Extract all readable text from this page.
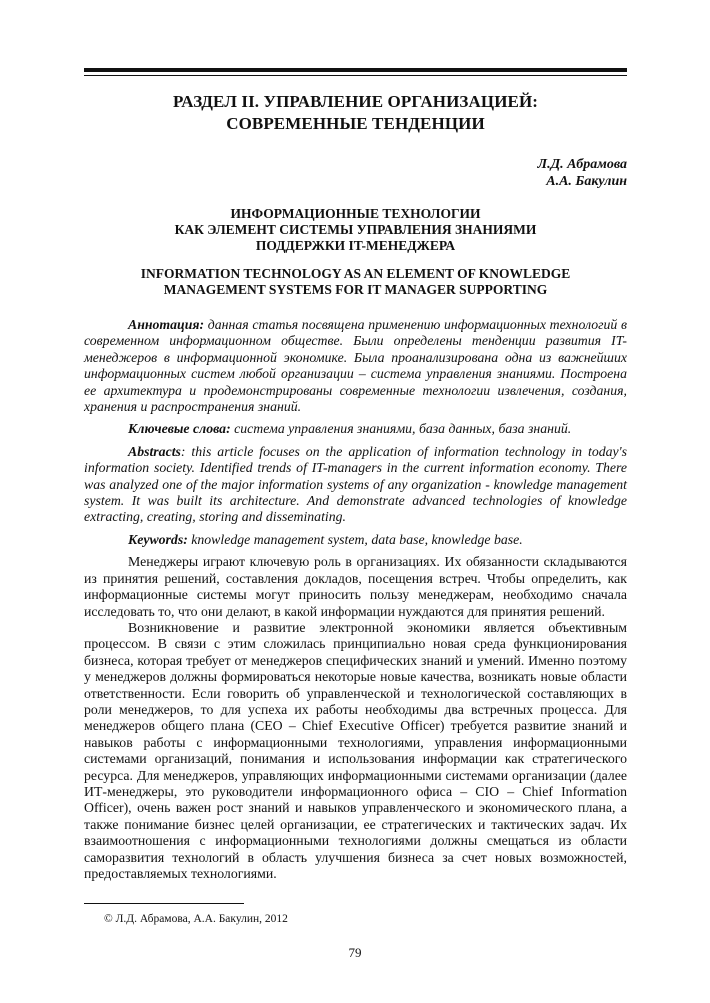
РАЗДЕЛ II. УПРАВЛЕНИЕ ОРГАНИЗАЦИЕЙ:
СОВРЕМЕННЫЕ ТЕНДЕНЦИИ
Л.Д. Абрамова
А.А. Бакулин
ИНФОРМАЦИОННЫЕ ТЕХНОЛОГИИ
КАК ЭЛЕМЕНТ СИСТЕМЫ УПРАВЛЕНИЯ ЗНАНИЯМИ
ПОДДЕРЖКИ IT-МЕНЕДЖЕРА
INFORMATION TECHNOLOGY AS AN ELEMENT OF KNOWLEDGE
MANAGEMENT SYSTEMS FOR IT MANAGER SUPPORTING

Аннотация: данная статья посвящена применению информационных технологий в современном информационном обществе. Были определены тенденции развития IT-менеджеров в информационной экономике. Была проанализирована одна из важнейших информационных систем любой организации – система управления знаниями. Построена ее архитектура и продемонстрированы современные технологии извлечения, создания, хранения и распространения знаний.

Ключевые слова: система управления знаниями, база данных, база знаний.

Abstracts: this article focuses on the application of information technology in today's information society. Identified trends of IT-managers in the current information economy. There was analyzed one of the major information systems of any organization - knowledge management system. It was built its architecture. And demonstrate advanced technologies of knowledge extracting, creating, storing and disseminating.

Keywords: knowledge management system, data base, knowledge base.

Менеджеры играют ключевую роль в организациях. Их обязанности складываются из принятия решений, составления докладов, посещения встреч. Чтобы определить, как информационные системы могут приносить пользу менеджерам, необходимо сначала исследовать то, что они делают, в какой информации нуждаются для принятия решений.

Возникновение и развитие электронной экономики является объективным процессом. В связи с этим сложилась принципиально новая среда функционирования бизнеса, которая требует от менеджеров специфических знаний и умений. Именно поэтому у менеджеров должны формироваться некоторые новые качества, возникать новые области ответственности. Если говорить об управленческой и технологической составляющих в роли менеджеров, то для успеха их работы необходимы два встречных процесса. Для менеджеров общего плана (CEO – Chief Executive Officer) требуется развитие знаний и навыков работы с информационными технологиями, управления информационными системами организаций, понимания и использования информации как стратегического ресурса. Для менеджеров, управляющих информационными системами организации (далее ИТ-менеджеры, это руководители информационного офиса – CIO – Chief Information Officer), очень важен рост знаний и навыков управленческого и экономического плана, а также понимание бизнес целей организации, ее стратегических и тактических задач. Их взаимоотношения с информационными технологиями должны смещаться из области саморазвития технологий в область улучшения бизнеса за счет новых возможностей, предоставляемых технологиями.

© Л.Д. Абрамова, А.А. Бакулин, 2012
79
